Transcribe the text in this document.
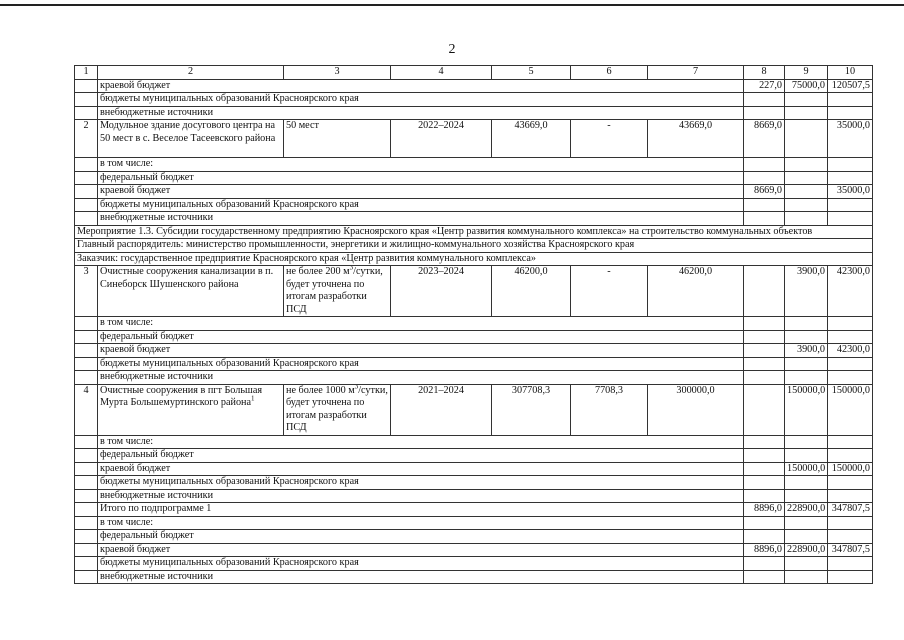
2
1	2	3	4	5	6	7	8	9	10
	краевой бюджет						227,0	75000,0	120507,5
	бюджеты муниципальных образований Красноярского края								
	внебюджетные источники								
2	Модульное здание досугового центра на 50 мест в с. Веселое Тасеевского района	50 мест	2022–2024	43669,0	-	43669,0	8669,0		35000,0
	в том числе:								
	федеральный бюджет								
	краевой бюджет						8669,0		35000,0
	бюджеты муниципальных образований Красноярского края								
	внебюджетные источники								
Мероприятие 1.3. Субсидии государственному предприятию Красноярского края «Центр развития коммунального комплекса» на строительство коммунальных объектов									
Главный распорядитель: министерство промышленности, энергетики и жилищно-коммунального хозяйства Красноярского края									
Заказчик: государственное предприятие Красноярского края «Центр развития коммунального комплекса»									
3	Очистные сооружения канализации в п. Синеборск Шушенского района	не более 200 $м^3$/сутки, будет уточнена по итогам разработки ПСД	2023–2024	46200,0	-	46200,0		3900,0	42300,0
	в том числе:								
	федеральный бюджет								
	краевой бюджет							3900,0	42300,0
	бюджеты муниципальных образований Красноярского края								
	внебюджетные источники								
4	Очистные сооружения в пгт Большая Мурта Большемуртинского района$^1$	не более 1000 $м^3$/сутки, будет уточнена по итогам разработки ПСД	2021–2024	307708,3	7708,3	300000,0		150000,0	150000,0
	в том числе:								
	федеральный бюджет								
	краевой бюджет							150000,0	150000,0
	бюджеты муниципальных образований Красноярского края								
	внебюджетные источники								
	Итого по подпрограмме 1						8896,0	228900,0	347807,5
	в том числе:								
	федеральный бюджет								
	краевой бюджет						8896,0	228900,0	347807,5
	бюджеты муниципальных образований Красноярского края								
	внебюджетные источники								
